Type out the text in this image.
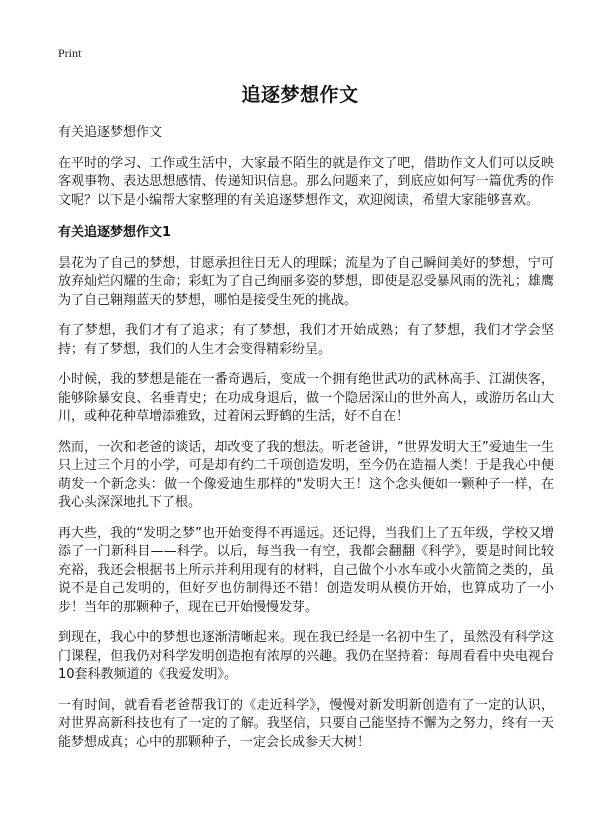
Print
追逐梦想作文

有关追逐梦想作文

在平时的学习、工作或生活中，大家最不陌生的就是作文了吧，借助作文人们可以反映客观事物、表达思想感情、传递知识信息。那么问题来了，到底应如何写一篇优秀的作文呢？以下是小编帮大家整理的有关追逐梦想作文，欢迎阅读，希望大家能够喜欢。

有关追逐梦想作文1

昙花为了自己的梦想，甘愿承担往日无人的理睬；流星为了自己瞬间美好的梦想，宁可放弃灿烂闪耀的生命；彩虹为了自己绚丽多姿的梦想，即使是忍受暴风雨的洗礼；雄鹰为了自己翱翔蓝天的梦想，哪怕是接受生死的挑战。

有了梦想，我们才有了追求；有了梦想，我们才开始成熟；有了梦想，我们才学会坚持；有了梦想，我们的人生才会变得精彩纷呈。

小时候，我的梦想是能在一番奇遇后，变成一个拥有绝世武功的武林高手、江湖侠客，能够除暴安良、名垂青史；在功成身退后，做一个隐居深山的世外高人，或游历名山大川，或种花种草增添雅致，过着闲云野鹤的生活，好不自在！

然而，一次和老爸的谈话，却改变了我的想法。听老爸讲，“世界发明大王”爱迪生一生只上过三个月的小学，可是却有约二千项创造发明，至今仍在造福人类！于是我心中便萌发一个新念头：做一个像爱迪生那样的"发明大王！这个念头便如一颗种子一样，在我心头深深地扎下了根。

再大些，我的“发明之梦”也开始变得不再遥远。还记得，当我们上了五年级，学校又增添了一门新科目——科学。以后，每当我一有空，我都会翻翻《科学》，要是时间比较充裕，我还会根据书上所示并利用现有的材料，自己做个小水车或小火箭简之类的，虽说不是自己发明的，但好歹也仿制得还不错！创造发明从模仿开始，也算成功了一小步！当年的那颗种子，现在已开始慢慢发芽。

到现在，我心中的梦想也逐渐清晰起来。现在我已经是一名初中生了，虽然没有科学这门课程，但我仍对科学发明创造抱有浓厚的兴趣。我仍在坚持着：每周看看中央电视台10套科教频道的《我爱发明》。

一有时间，就看看老爸帮我订的《走近科学》，慢慢对新发明新创造有了一定的认识，对世界高新科技也有了一定的了解。我坚信，只要自己能坚持不懈为之努力，终有一天能梦想成真；心中的那颗种子，一定会长成参天大树！
